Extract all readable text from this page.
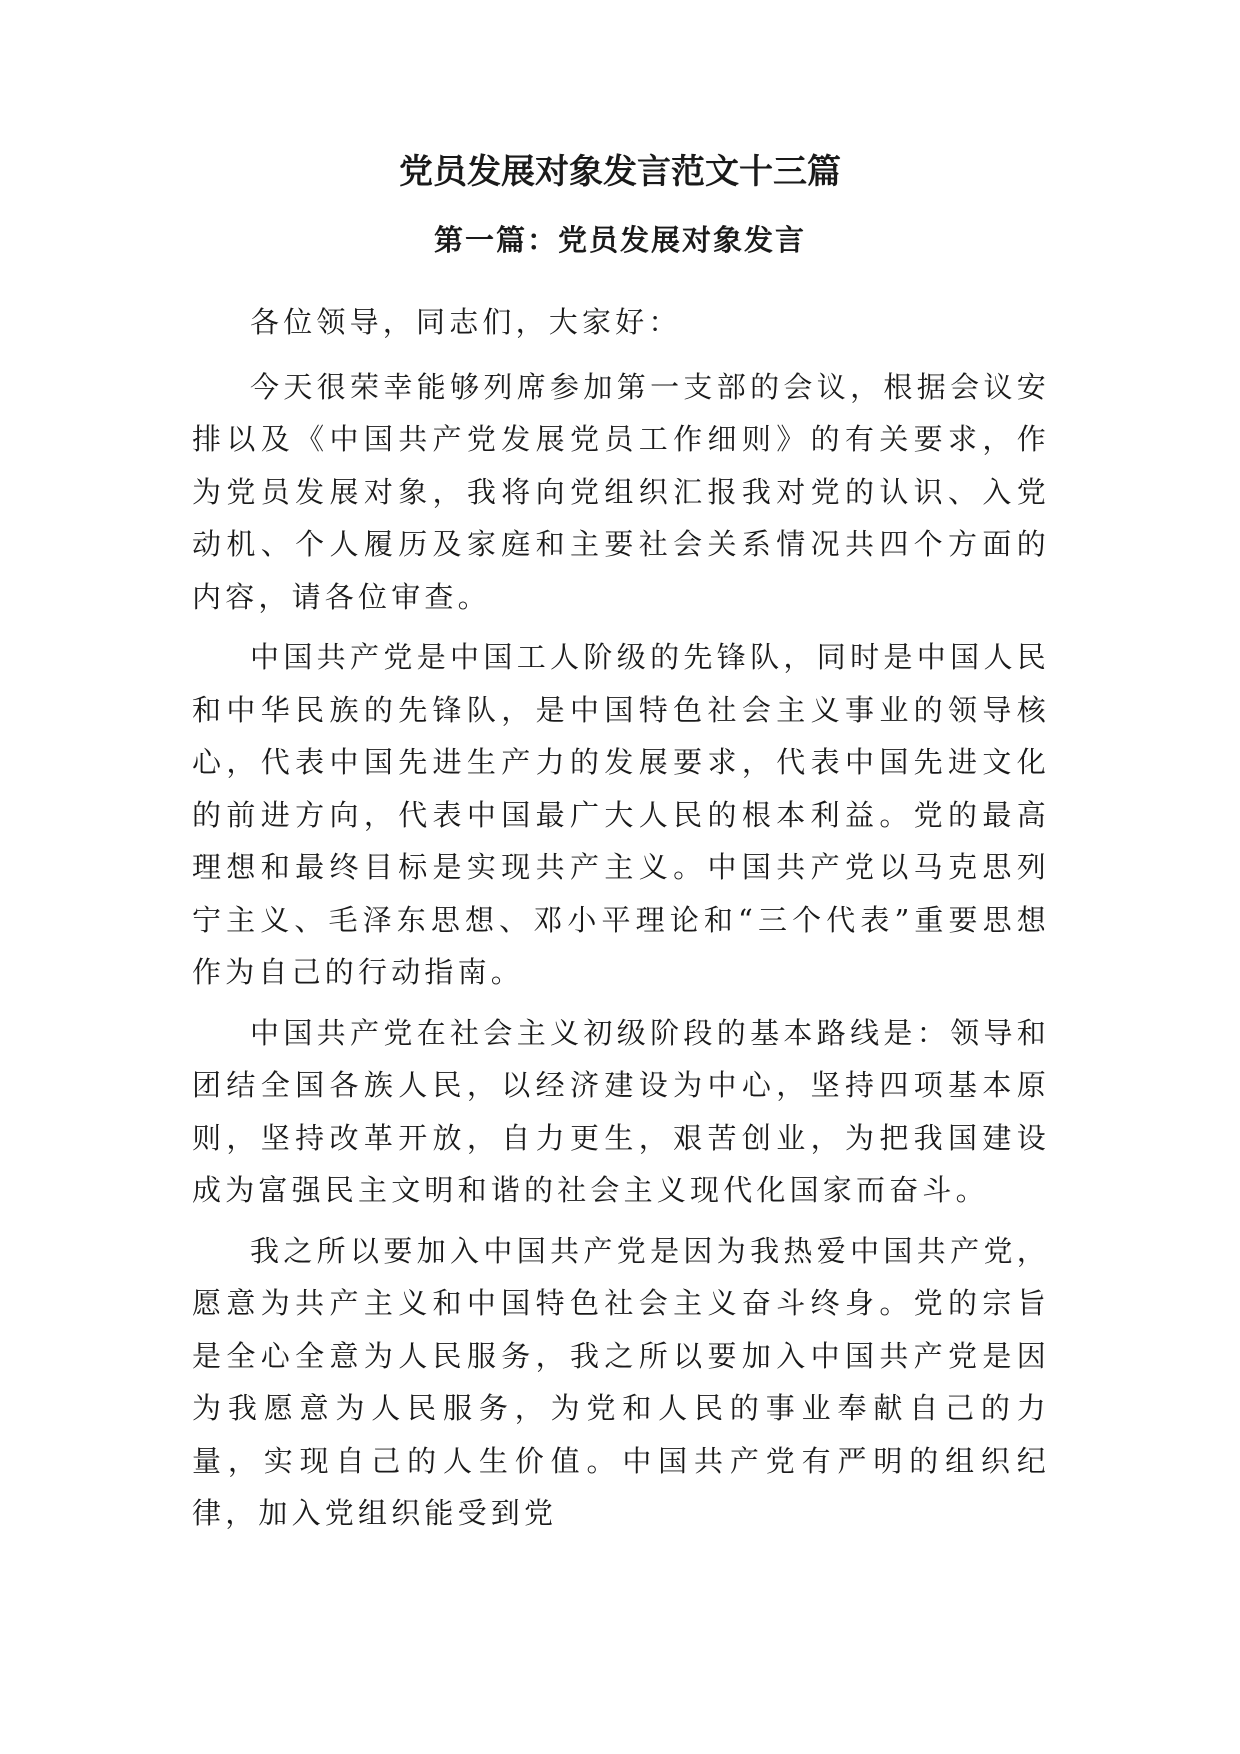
党员发展对象发言范文十三篇
第一篇：党员发展对象发言

各位领导，同志们，大家好：

今天很荣幸能够列席参加第一支部的会议，根据会议安排以及《中国共产党发展党员工作细则》的有关要求，作为党员发展对象，我将向党组织汇报我对党的认识、入党动机、个人履历及家庭和主要社会关系情况共四个方面的内容，请各位审查。

中国共产党是中国工人阶级的先锋队，同时是中国人民和中华民族的先锋队，是中国特色社会主义事业的领导核心，代表中国先进生产力的发展要求，代表中国先进文化的前进方向，代表中国最广大人民的根本利益。党的最高理想和最终目标是实现共产主义。中国共产党以马克思列宁主义、毛泽东思想、邓小平理论和“三个代表”重要思想作为自己的行动指南。

中国共产党在社会主义初级阶段的基本路线是：领导和团结全国各族人民，以经济建设为中心，坚持四项基本原则，坚持改革开放，自力更生，艰苦创业，为把我国建设成为富强民主文明和谐的社会主义现代化国家而奋斗。

我之所以要加入中国共产党是因为我热爱中国共产党，愿意为共产主义和中国特色社会主义奋斗终身。党的宗旨是全心全意为人民服务，我之所以要加入中国共产党是因为我愿意为人民服务，为党和人民的事业奉献自己的力量，实现自己的人生价值。中国共产党有严明的组织纪律，加入党组织能受到党
